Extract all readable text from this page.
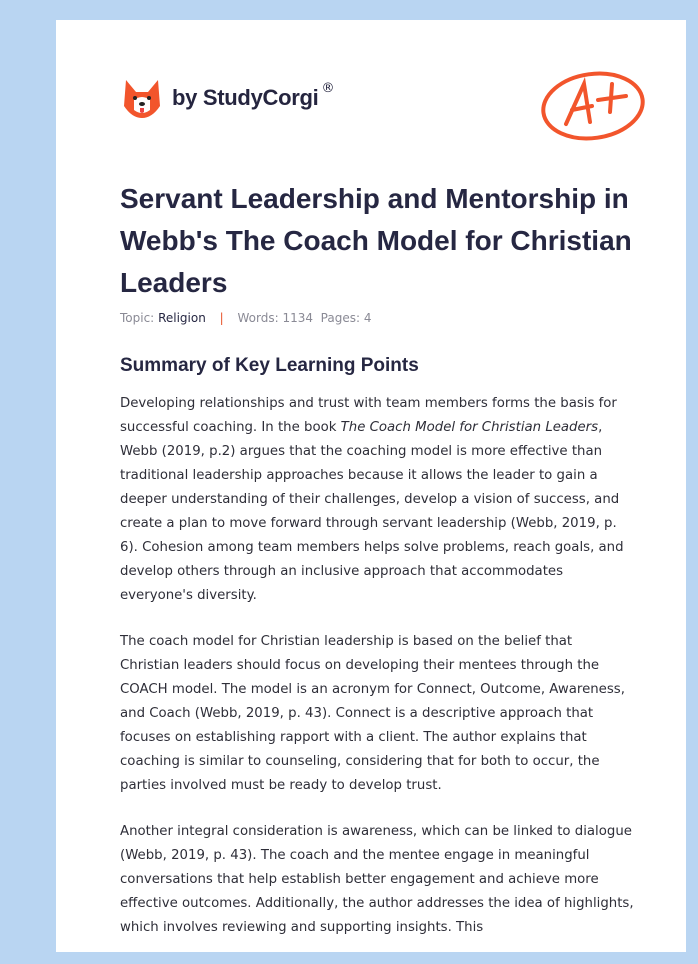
by StudyCorgi ®
Servant Leadership and Mentorship in Webb's The Coach Model for Christian Leaders
Topic: Religion | Words: 1134 Pages: 4
Summary of Key Learning Points

Developing relationships and trust with team members forms the basis for successful coaching. In the book The Coach Model for Christian Leaders, Webb (2019, p.2) argues that the coaching model is more effective than traditional leadership approaches because it allows the leader to gain a deeper understanding of their challenges, develop a vision of success, and create a plan to move forward through servant leadership (Webb, 2019, p. 6). Cohesion among team members helps solve problems, reach goals, and develop others through an inclusive approach that accommodates everyone's diversity.

The coach model for Christian leadership is based on the belief that Christian leaders should focus on developing their mentees through the COACH model. The model is an acronym for Connect, Outcome, Awareness, and Coach (Webb, 2019, p. 43). Connect is a descriptive approach that focuses on establishing rapport with a client. The author explains that coaching is similar to counseling, considering that for both to occur, the parties involved must be ready to develop trust.

Another integral consideration is awareness, which can be linked to dialogue (Webb, 2019, p. 43). The coach and the mentee engage in meaningful conversations that help establish better engagement and achieve more effective outcomes. Additionally, the author addresses the idea of highlights, which involves reviewing and supporting insights. This
